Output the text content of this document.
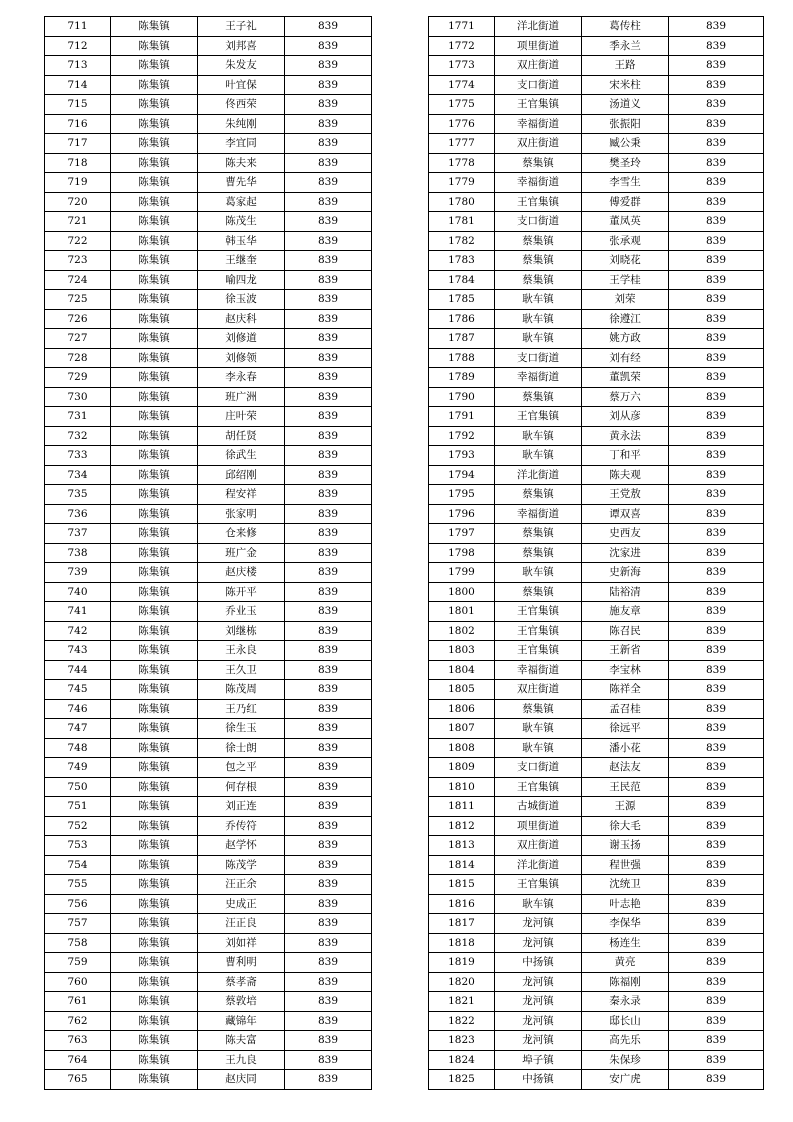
711	陈集镇	王子礼	839
712	陈集镇	刘邦喜	839
713	陈集镇	朱发友	839
714	陈集镇	叶宜保	839
715	陈集镇	佟西荣	839
716	陈集镇	朱纯刚	839
717	陈集镇	李宜同	839
718	陈集镇	陈夫来	839
719	陈集镇	曹先华	839
720	陈集镇	葛家起	839
721	陈集镇	陈茂生	839
722	陈集镇	韩玉华	839
723	陈集镇	王继奎	839
724	陈集镇	喻四龙	839
725	陈集镇	徐玉波	839
726	陈集镇	赵庆科	839
727	陈集镇	刘修道	839
728	陈集镇	刘修领	839
729	陈集镇	李永春	839
730	陈集镇	班广洲	839
731	陈集镇	庄叶荣	839
732	陈集镇	胡任贤	839
733	陈集镇	徐武生	839
734	陈集镇	邱绍刚	839
735	陈集镇	程安祥	839
736	陈集镇	张家明	839
737	陈集镇	仓来修	839
738	陈集镇	班广金	839
739	陈集镇	赵庆楼	839
740	陈集镇	陈开平	839
741	陈集镇	乔业玉	839
742	陈集镇	刘继栋	839
743	陈集镇	王永良	839
744	陈集镇	王久卫	839
745	陈集镇	陈茂周	839
746	陈集镇	王乃红	839
747	陈集镇	徐生玉	839
748	陈集镇	徐士朗	839
749	陈集镇	包之平	839
750	陈集镇	何存根	839
751	陈集镇	刘正连	839
752	陈集镇	乔传符	839
753	陈集镇	赵学怀	839
754	陈集镇	陈茂学	839
755	陈集镇	汪正余	839
756	陈集镇	史成正	839
757	陈集镇	汪正良	839
758	陈集镇	刘如祥	839
759	陈集镇	曹利明	839
760	陈集镇	蔡孝斋	839
761	陈集镇	蔡敦培	839
762	陈集镇	藏锦年	839
763	陈集镇	陈夫富	839
764	陈集镇	王九良	839
765	陈集镇	赵庆同	839
1771	洋北街道	葛传柱	839
1772	项里街道	季永兰	839
1773	双庄街道	王路	839
1774	支口街道	宋米柱	839
1775	王官集镇	汤道义	839
1776	幸福街道	张振阳	839
1777	双庄街道	臧公秉	839
1778	蔡集镇	樊圣玲	839
1779	幸福街道	李雪生	839
1780	王官集镇	傅爱群	839
1781	支口街道	董凤英	839
1782	蔡集镇	张承观	839
1783	蔡集镇	刘晓花	839
1784	蔡集镇	王学桂	839
1785	耿车镇	刘荣	839
1786	耿车镇	徐遵江	839
1787	耿车镇	姚方政	839
1788	支口街道	刘有经	839
1789	幸福街道	董凯荣	839
1790	蔡集镇	蔡万六	839
1791	王官集镇	刘从彦	839
1792	耿车镇	黄永法	839
1793	耿车镇	丁和平	839
1794	洋北街道	陈夫观	839
1795	蔡集镇	王党敖	839
1796	幸福街道	谭双喜	839
1797	蔡集镇	史西友	839
1798	蔡集镇	沈家进	839
1799	耿车镇	史新海	839
1800	蔡集镇	陆裕清	839
1801	王官集镇	施友章	839
1802	王官集镇	陈召民	839
1803	王官集镇	王新省	839
1804	幸福街道	李宝林	839
1805	双庄街道	陈祥全	839
1806	蔡集镇	孟召桂	839
1807	耿车镇	徐远平	839
1808	耿车镇	潘小花	839
1809	支口街道	赵法友	839
1810	王官集镇	王民范	839
1811	古城街道	王源	839
1812	项里街道	徐大毛	839
1813	双庄街道	谢玉扬	839
1814	洋北街道	程世强	839
1815	王官集镇	沈统卫	839
1816	耿车镇	叶志艳	839
1817	龙河镇	李保华	839
1818	龙河镇	杨连生	839
1819	中扬镇	黄亮	839
1820	龙河镇	陈福刚	839
1821	龙河镇	秦永录	839
1822	龙河镇	邸长山	839
1823	龙河镇	高先乐	839
1824	埠子镇	朱保珍	839
1825	中扬镇	安广虎	839
